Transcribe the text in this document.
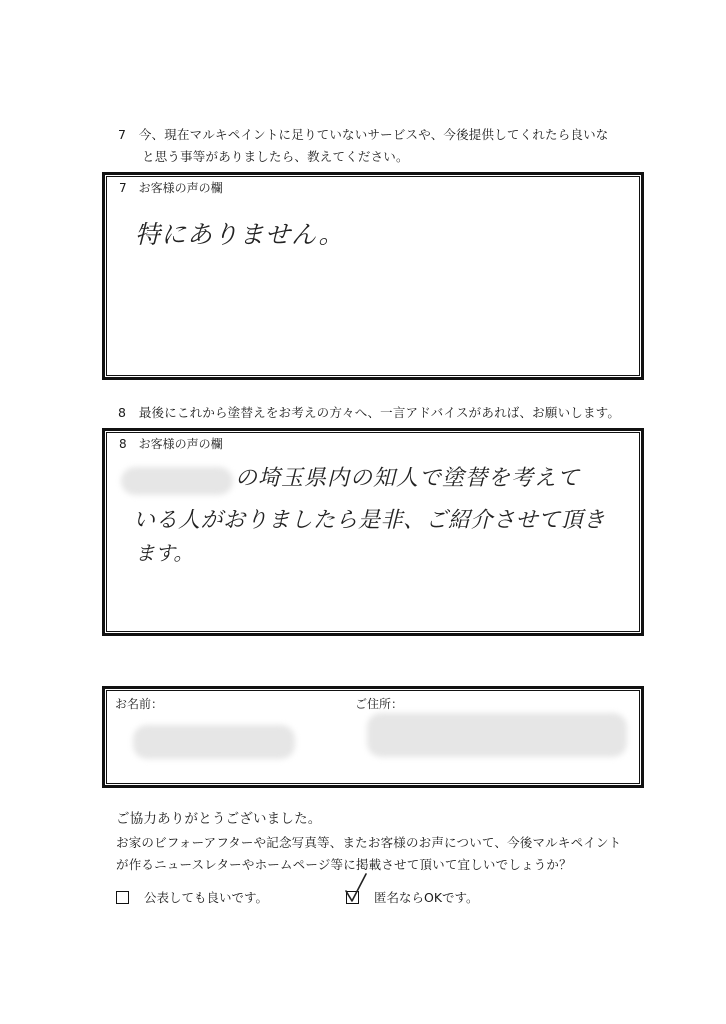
7　今、現在マルキペイントに足りていないサービスや、今後提供してくれたら良いな
と思う事等がありましたら、教えてください。
7　お客様の声の欄
特にありません。
8　最後にこれから塗替えをお考えの方々へ、一言アドバイスがあれば、お願いします。
8　お客様の声の欄
の埼玉県内の知人で塗替を考えて
いる人がおりましたら是非、ご紹介させて頂き
ます。
お名前：	ご住所：
ご協力ありがとうございました。
お家のビフォーアフターや記念写真等、またお客様のお声について、今後マルキペイント
が作るニュースレターやホームページ等に掲載させて頂いて宜しいでしょうか？
公表しても良いです。	匿名ならOKです。
